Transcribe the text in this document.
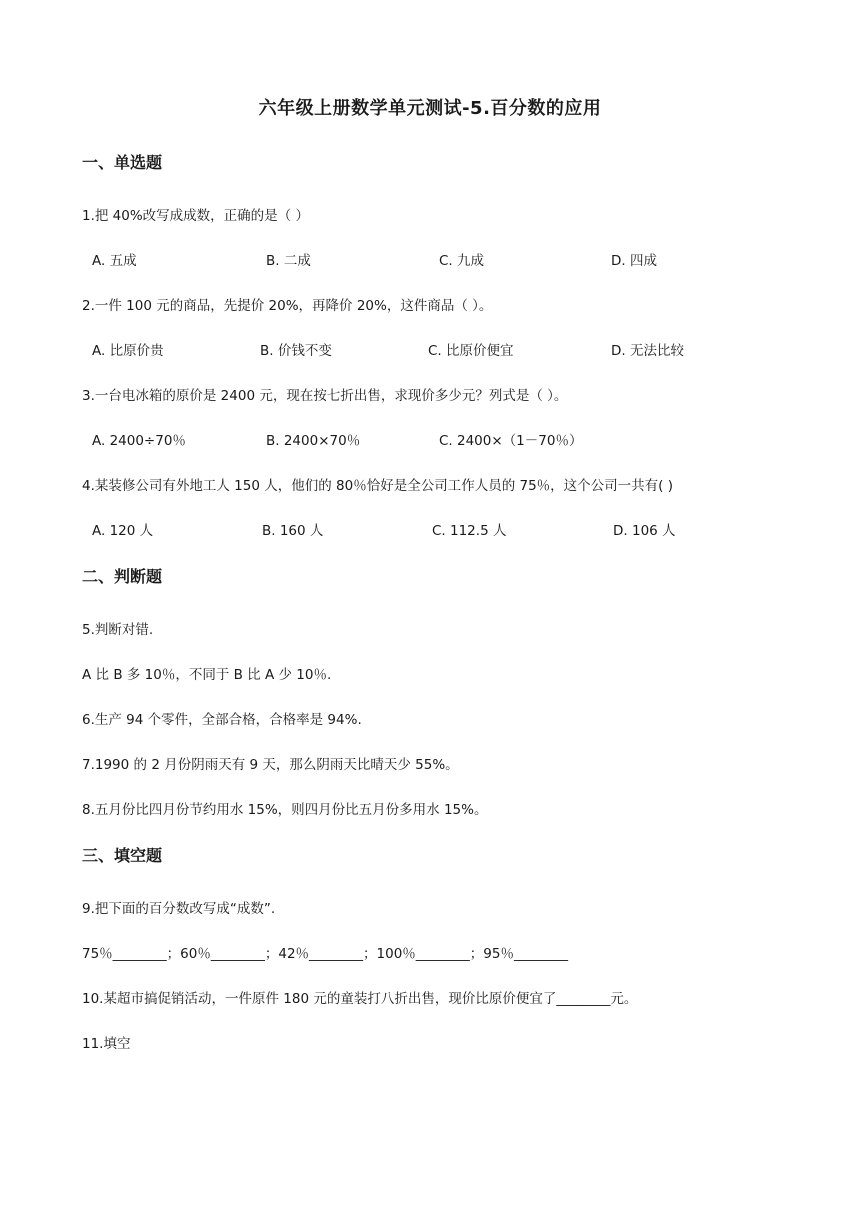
六年级上册数学单元测试-5.百分数的应用
一、单选题
1.把 40%改写成成数，正确的是（ ）
A. 五成	B. 二成	C. 九成	D. 四成
2.一件 100 元的商品，先提价 20%，再降价 20%，这件商品（ ）。
A. 比原价贵	B. 价钱不变	C. 比原价便宜	D. 无法比较
3.一台电冰箱的原价是 2400 元，现在按七折出售，求现价多少元？列式是（ ）。
A. 2400÷70％	B. 2400×70％	C. 2400×（1－70％）
4.某装修公司有外地工人 150 人，他们的 80％恰好是全公司工作人员的 75％，这个公司一共有( )
A. 120 人	B. 160 人	C. 112.5 人	D. 106 人
二、判断题
5.判断对错.
A 比 B 多 10％，不同于 B 比 A 少 10％.
6.生产 94 个零件，全部合格，合格率是 94%.
7.1990 的 2 月份阴雨天有 9 天，那么阴雨天比晴天少 55%。
8.五月份比四月份节约用水 15%，则四月份比五月份多用水 15%。
三、填空题
9.把下面的百分数改写成“成数”.
75％________；60％________；42％________；100％________；95％________
10.某超市搞促销活动，一件原件 180 元的童装打八折出售，现价比原价便宜了________元。
11.填空
